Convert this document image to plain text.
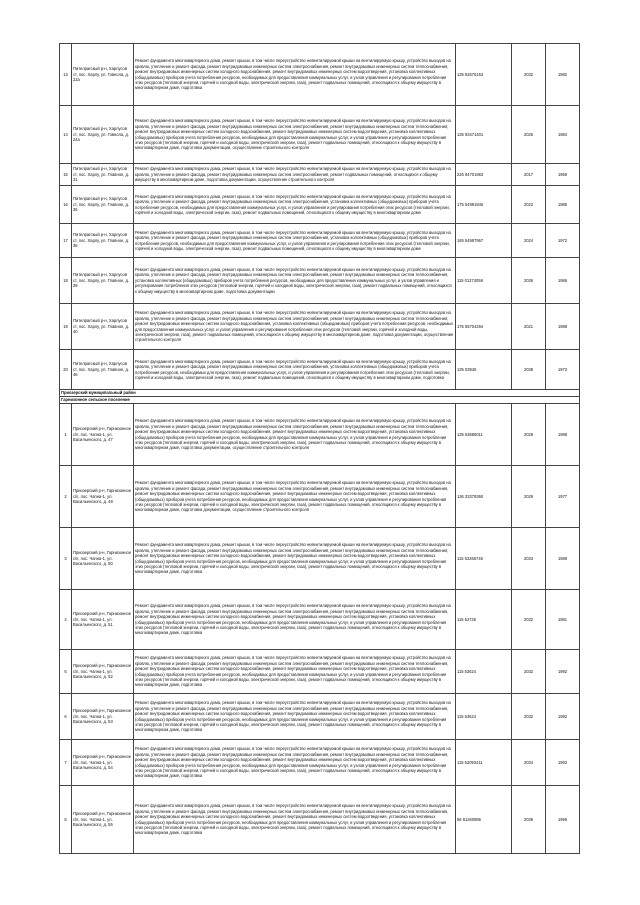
13	Пителрагскый р-н, Харлусов ст, пос. Харлу, ул. Говнола, д. 22а	Ремонт фундамента многоквартирного дома, ремонт крыши, в том числе переустройство невентилируемой крыши на вентилируемую крышу, устройство выходов на кровлю, утепление и ремонт фасада, ремонт внутридомовых инженерных систем электроснабжения, ремонт внутридомовых инженерных систем теплоснабжения, ремонт внутридомовых инженерных систем холодного водоснабжения, ремонт внутридомовых инженерных систем водоотведения, установка коллективных (общедомовых) приборов учета потребления ресурсов, необходимых для предоставления коммунальных услуг, и узлов управления и регулирования потребления этих ресурсов (тепловой энергии, горячей и холодной воды, электрической энергии, газа), ремонт подвальных помещений, относящихся к общему имуществу в многоквартирном доме, подготовка	135 52676153	2032	1982
14	Пителрагскый р-н, Харлусов ст, пос. Харлу, ул. Говнола, д. 24а	Ремонт фундамента многоквартирного дома, ремонт крыши, в том числе переустройство невентилируемой крыши на вентилируемую крышу, устройство выходов на кровлю, утепление и ремонт фасада, ремонт внутридомовых инженерных систем электроснабжения, ремонт внутридомовых инженерных систем теплоснабжения, ремонт внутридомовых инженерных систем холодного водоснабжения, ремонт внутридомовых инженерных систем водоотведения, установка коллективных (общедомовых) приборов учета потребления ресурсов, необходимых для предоставления коммунальных услуг, и узлов управления и регулирования потребления этих ресурсов (тепловой энергии, горячей и холодной воды, электрической энергии, газа), ремонт подвальных помещений, относящихся к общему имуществу в многоквартирном доме, подготовка документации, осуществление строительного контроля	135 93471401	2026	1984
15	Пителрагскый р-н, Харлусов ст, пос. Харлу, ул. Главное, д. 31	Ремонт фундамента многоквартирного дома, ремонт крыши, в том числе переустройство невентилируемой крыши на вентилируемую крышу, устройство выходов на кровлю, утепление и ремонт фасада, ремонт внутридомовых инженерных систем электроснабжения, ремонт подвальных помещений, относящихся к общему имуществу в многоквартирном доме, подготовка документации, осуществление строительного контроля	226 84701963	2017	1959
16	Пителрагскый р-н, Харлусов ст, пос. Харлу, ул. Главное, д. 36	Ремонт фундамента многоквартирного дома, ремонт крыши, в том числе переустройство невентилируемой крыши на вентилируемую крышу, устройство выходов на кровлю, утепление и ремонт фасада, ремонт внутридомовых инженерных систем электроснабжения, установка коллективных (общедомовых) приборов учета потребления ресурсов, необходимых для предоставления коммунальных услуг, и узлов управления и регулирования потребления этих ресурсов (тепловой энергии, горячей и холодной воды, электрической энергии, газа), ремонт подвальных помещений, относящихся к общему имуществу в многоквартирном доме	175 54991946	2022	1985
17	Пителрагскый р-н, Харлусов ст, пос. Харлу, ул. Главное, д. 38	Ремонт фундамента многоквартирного дома, ремонт крыши, в том числе переустройство невентилируемой крыши на вентилируемую крышу, устройство выходов на кровлю, утепление и ремонт фасада, ремонт внутридомовых инженерных систем электроснабжения, установка коллективных (общедомовых) приборов учета потребления ресурсов, необходимых для предоставления коммунальных услуг, и узлов управления и регулирования потребления этих ресурсов (тепловой энергии, горячей и холодной воды, электрической энергии, газа), ремонт подвальных помещений, относящихся к общему имуществу в многоквартирном доме	165 54987967	2024	1972
18	Пителрагскый р-н, Харлусов ст, пос. Харлу, ул. Главное, д. 39	Ремонт фундамента многоквартирного дома, ремонт крыши, в том числе переустройство невентилируемой крыши на вентилируемую крышу, устройство выходов на кровлю, утепление и ремонт фасада, ремонт внутридомовых инженерных систем электроснабжения, ремонт внутридомовых инженерных систем теплоснабжения, установка коллективных (общедомовых) приборов учета потребления ресурсов, необходимых для предоставления коммунальных услуг, и узлов управления и регулирования потребления этих ресурсов (тепловой энергии, горячей и холодной воды, электрической энергии, газа), ремонт подвальных помещений, относящихся к общему имуществу в многоквартирном доме, подготовка документации	115 01274059	2036	1986
19	Пителрагскый р-н, Харлусов ст, пос. Харлу, ул. Главное, д. 40	Ремонт фундамента многоквартирного дома, ремонт крыши, в том числе переустройство невентилируемой крыши на вентилируемую крышу, устройство выходов на кровлю, утепление и ремонт фасада, ремонт внутридомовых инженерных систем электроснабжения, ремонт внутридомовых инженерных систем теплоснабжения, ремонт внутридомовых инженерных систем холодного водоснабжения, установка коллективных (общедомовых) приборов учета потребления ресурсов, необходимых для предоставления коммунальных услуг, и узлов управления и регулирования потребления этих ресурсов (тепловой энергии, горячей и холодной воды, электрической энергии, газа), ремонт подвальных помещений, относящихся к общему имуществу в многоквартирном доме, подготовка документации, осуществление строительного контроля	175 55704294	2021	1988
20	Пителрагскый р-н, Харлусов ст, пос. Харлу, ул. Главное, д. 46	Ремонт фундамента многоквартирного дома, ремонт крыши, в том числе переустройство невентилируемой крыши на вентилируемую крышу, устройство выходов на кровлю, утепление и ремонт фасада, ремонт внутридомовых инженерных систем электроснабжения, установка коллективных (общедомовых) приборов учета потребления ресурсов, необходимых для предоставления коммунальных услуг, и узлов управления и регулирования потребления этих ресурсов (тепловой энергии, горячей и холодной воды, электрической энергии, газа), ремонт подвальных помещений, относящихся к общему имуществу в многоквартирном доме, подготовка	135 03945	2038	1973
Приозерский муниципальный район					
Гарнизонное сельское поселение					
1	Приозерский р-н, Гарнизонное с/п, пос. Чапна-1, ул. Васильенского, д. 47	Ремонт фундамента многоквартирного дома, ремонт крыши, в том числе переустройство невентилируемой крыши на вентилируемую крышу, устройство выходов на кровлю, утепление и ремонт фасада, ремонт внутридомовых инженерных систем электроснабжения, ремонт внутридомовых инженерных систем теплоснабжения, ремонт внутридомовых инженерных систем холодного водоснабжения, ремонт внутридомовых инженерных систем водоотведения, установка коллективных (общедомовых) приборов учета потребления ресурсов, необходимых для предоставления коммунальных услуг, и узлов управления и регулирования потребления этих ресурсов (тепловой энергии, горячей и холодной воды, электрической энергии, газа), ремонт подвальных помещений, относящихся к общему имуществу в многоквартирном доме, подготовка документации, осуществление строительного контроля	135 53686011	2028	1988
2	Приозерский р-н, Гарнизонное с/п, пос. Чапна-1, ул. Васильенского, д. 48	Ремонт фундамента многоквартирного дома, ремонт крыши, в том числе переустройство невентилируемой крыши на вентилируемую крышу, устройство выходов на кровлю, утепление и ремонт фасада, ремонт внутридомовых инженерных систем электроснабжения, ремонт внутридомовых инженерных систем теплоснабжения, ремонт внутридомовых инженерных систем холодного водоснабжения, ремонт внутридомовых инженерных систем водоотведения, установка коллективных (общедомовых) приборов учета потребления ресурсов, необходимых для предоставления коммунальных услуг, и узлов управления и регулирования потребления этих ресурсов (тепловой энергии, горячей и холодной воды, электрической энергии, газа), ремонт подвальных помещений, относящихся к общему имуществу в многоквартирном доме, подготовка документации, осуществление строительного контроля	136 33378360	2029	1977
3	Приозерский р-н, Гарнизонное с/п, пос. Чапна-1, ул. Васильенского, д. 50	Ремонт фундамента многоквартирного дома, ремонт крыши, в том числе переустройство невентилируемой крыши на вентилируемую крышу, устройство выходов на кровлю, утепление и ремонт фасада, ремонт внутридомовых инженерных систем электроснабжения, ремонт внутридомовых инженерных систем теплоснабжения, ремонт внутридомовых инженерных систем холодного водоснабжения, ремонт внутридомовых инженерных систем водоотведения, установка коллективных (общедомовых) приборов учета потребления ресурсов, необходимых для предоставления коммунальных услуг, и узлов управления и регулирования потребления этих ресурсов (тепловой энергии, горячей и холодной воды, электрической энергии, газа), ремонт подвальных помещений, относящихся к общему имуществу в многоквартирном доме, подготовка	115 53266746	2033	1989
4	Приозерский р-н, Гарнизонное с/п, пос. Чапна-1, ул. Васильенского, д. 51	Ремонт фундамента многоквартирного дома, ремонт крыши, в том числе переустройство невентилируемой крыши на вентилируемую крышу, устройство выходов на кровлю, утепление и ремонт фасада, ремонт внутридомовых инженерных систем электроснабжения, ремонт внутридомовых инженерных систем теплоснабжения, ремонт внутридомовых инженерных систем холодного водоснабжения, ремонт внутридомовых инженерных систем водоотведения, установка коллективных (общедомовых) приборов учета потребления ресурсов, необходимых для предоставления коммунальных услуг, и узлов управления и регулирования потребления этих ресурсов (тепловой энергии, горячей и холодной воды, электрической энергии, газа), ремонт подвальных помещений, относящихся к общему имуществу в многоквартирном доме, подготовка	115 52726	2032	1981
5	Приозерский р-н, Гарнизонное с/п, пос. Чапна-1, ул. Васильенского, д. 52	Ремонт фундамента многоквартирного дома, ремонт крыши, в том числе переустройство невентилируемой крыши на вентилируемую крышу, устройство выходов на кровлю, утепление и ремонт фасада, ремонт внутридомовых инженерных систем электроснабжения, ремонт внутридомовых инженерных систем теплоснабжения, ремонт внутридомовых инженерных систем холодного водоснабжения, ремонт внутридомовых инженерных систем водоотведения, установка коллективных (общедомовых) приборов учета потребления ресурсов, необходимых для предоставления коммунальных услуг, и узлов управления и регулирования потребления этих ресурсов (тепловой энергии, горячей и холодной воды, электрической энергии, газа), ремонт подвальных помещений, относящихся к общему имуществу в многоквартирном доме, подготовка	115 53624	2032	1992
6	Приозерский р-н, Гарнизонное с/п, пос. Чапна-1, ул. Васильенского, д. 53	Ремонт фундамента многоквартирного дома, ремонт крыши, в том числе переустройство невентилируемой крыши на вентилируемую крышу, устройство выходов на кровлю, утепление и ремонт фасада, ремонт внутридомовых инженерных систем электроснабжения, ремонт внутридомовых инженерных систем теплоснабжения, ремонт внутридомовых инженерных систем холодного водоснабжения, ремонт внутридомовых инженерных систем водоотведения, установка коллективных (общедомовых) приборов учета потребления ресурсов, необходимых для предоставления коммунальных услуг, и узлов управления и регулирования потребления этих ресурсов (тепловой энергии, горячей и холодной воды, электрической энергии, газа), ремонт подвальных помещений, относящихся к общему имуществу в многоквартирном доме, подготовка	115 53624	2032	1992
7	Приозерский р-н, Гарнизонное с/п, пос. Чапна-1, ул. Васильенского, д. 54	Ремонт фундамента многоквартирного дома, ремонт крыши, в том числе переустройство невентилируемой крыши на вентилируемую крышу, устройство выходов на кровлю, утепление и ремонт фасада, ремонт внутридомовых инженерных систем электроснабжения, ремонт внутридомовых инженерных систем теплоснабжения, ремонт внутридомовых инженерных систем холодного водоснабжения, ремонт внутридомовых инженерных систем водоотведения, установка коллективных (общедомовых) приборов учета потребления ресурсов, необходимых для предоставления коммунальных услуг, и узлов управления и регулирования потребления этих ресурсов (тепловой энергии, горячей и холодной воды, электрической энергии, газа), ремонт подвальных помещений, относящихся к общему имуществу в многоквартирном доме, подготовка	115 52093411	2034	1993
8	Приозерский р-н, Гарнизонное с/п, пос. Чапна-1, ул. Васильенского, д. 55	Ремонт фундамента многоквартирного дома, ремонт крыши, в том числе переустройство невентилируемой крыши на вентилируемую крышу, устройство выходов на кровлю, утепление и ремонт фасада, ремонт внутридомовых инженерных систем электроснабжения, ремонт внутридомовых инженерных систем теплоснабжения, ремонт внутридомовых инженерных систем холодного водоснабжения, ремонт внутридомовых инженерных систем водоотведения, установка коллективных (общедомовых) приборов учета потребления ресурсов, необходимых для предоставления коммунальных услуг, и узлов управления и регулирования потребления этих ресурсов (тепловой энергии, горячей и холодной воды, электрической энергии, газа), ремонт подвальных помещений, относящихся к общему имуществу в многоквартирном доме, подготовка	56 81260886	2039	1996
